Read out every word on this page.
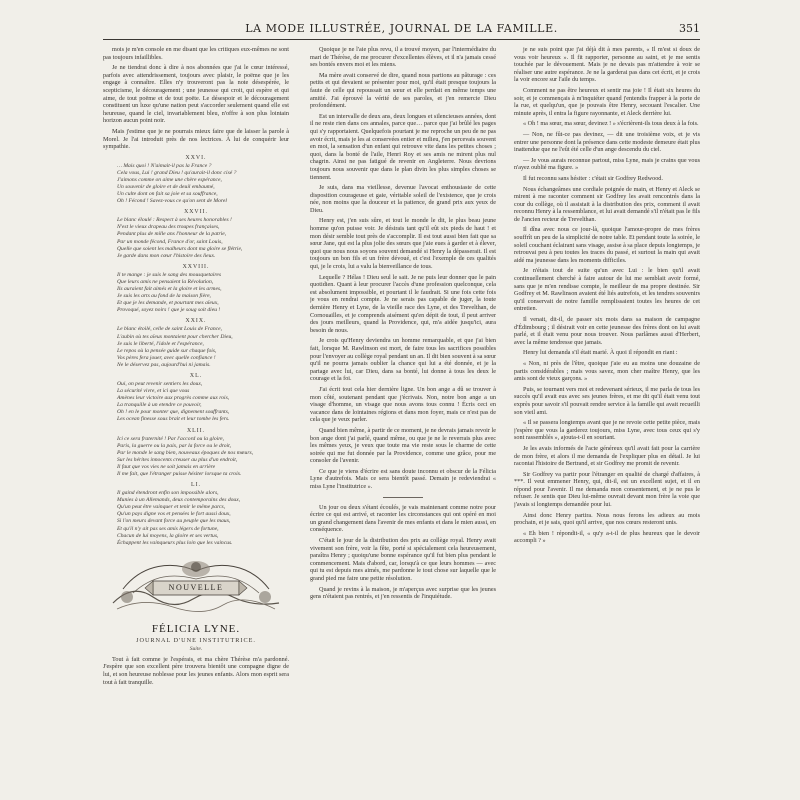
LA MODE ILLUSTRÉE, JOURNAL DE LA FAMILLE.	351

mois je m'en console en me disant que les critiques eux-mêmes ne sont pas toujours infaillibles.

Je ne tiendrai donc à dire à nos abonnées que j'ai le cœur intéressé, parfois avec attendrissement, toujours avec plaisir, le poëme que je les engage à connaître. Elles n'y trouveront pas la note désespérée, le scepticisme, le découragement ; une jeunesse qui croit, qui espère et qui aime, de tout poëme et de tout poëte. Le désespoir et le découragement constituent un luxe qu'une nation peut s'accorder seulement quand elle est heureuse, quand le ciel, invariablement bleu, n'offre à son plus lointain horizon aucun point noir.

Mais j'estime que je ne pourrais mieux faire que de laisser la parole à Morel. Je l'ai introduit près de nos lectrices. À lui de conquérir leur sympathie.

XXVI.
… Mais quoi ! N'aimait-il pas la France ?
Cela vous, Lui ! grand Dieu ! qu'aurait-il donc cisé ?
J'aimons comme on aime une chère espérance,
Un souvenir de gloire et de deuil embaumé,
Un culte dont on fait sa joie et sa souffrance,
Oh ! Fécond ! Savez-vous ce qu'on sent de Morel
XXVII.
Le blanc éloulé : Respect à ses heures honorables !
N'est le vieux drapeau des troupes françaises,
Pendant plus de mille ans l'honneur de la patrie,
Par un monde fécond, France d'or, saint Louis,
Quelle que soient les malheurs dont ma gloire se flétrie,
Je garde dans mon cœur l'histoire des lieux.
XXVIII.
Il te mange : je suis le sang des mousquetaires
Que leurs amis ne pensaient la Révolution,
Ils auraient fait aimés et la gloire et les armes,
Je suis les arts au fond de la maison fière,
Et que je les demande, et pourtant mes aïeux,
Provoqué, soyez noirs ! que je soug soit dieu !
XXIX.
Le blanc étoilé, celle de saint Louis de France,
L'aubin où tes aïeux montaient pour chercher Dieu,
Je suis le liberté, l'idole et l'espérance,
Le repos où la pensée guide sur chaque fois,
Vos pères fera jouer, avec quelle confiance !
Ne le déservez pas, aujourd'hui ni jamais.
XL.
Oui, on peut revenir sentiers les doux,
La sécurité vivre, et ici que vous
Amènes leur victoire aux progrès comme aux rois,
La tranquille à un etendre ce pouvoir,
Oh ! en le pour monter que, dignement souffrants,
Les ocean finesse sous brait et leur tombe les fers.
XLII.
Ici ce sera fraternité ! Par l'accord ou la gloire,
Paris, la guerre ou la paix, par la force ou le droit,
Par le monde le sang bien, nouveaux époques de nos mœurs,
Sur les hérites innocents creuser au plus d'un endroit,
Il faut que vos vies ne soit jamais en arrière
Il me fait, que l'étranger puisse hésiter lorsque ta croix.
LI.
Il gaind étendront enfin son impossible alors,
Munies à un Allemands, deux contemporains des doux,
Qu'un peut être vainquer et tenir le même parcs,
Qu'un pays digne vos et pensées le fort aussi doux,
Si l'on meurs devant force au peuple que les maux,
Et qu'il n'y ait pas ses amis légers de fortune,
Chacun de lui moyens, la gloire et ses vertus,
Échappent les vainqueurs plus loin que les vaincus.
NOUVELLE
FÉLICIA LYNE.
JOURNAL D'UNE INSTITUTRICE.
Suite.

Tout à fait comme je l'espérais, et ma chère Thérèse m'a pardonné. J'espère que son excellent père trouvera bientôt une compagne digne de lui, et son heureuse noblesse pour les jeunes enfants. Alors mon esprit sera tout à fait tranquille.

Quoique je ne l'aie plus revu, il a trouvé moyen, par l'intermédiaire du mari de Thérèse, de me procurer d'excellentes élèves, et il n'a jamais cessé ses bontés envers moi et les miens.

Ma mère avait conservé de dire, quand nous partions au pâturage : ces petits et qui devaient se présenter pour moi, qu'il était presque toujours la faute de celle qui repoussait un sœur et elle perdait en même temps une amitié. J'ai éprouvé la vérité de ses paroles, et j'en remercie Dieu profondément.

Est un intervalle de deux ans, deux longues et silencieuses années, dont il ne reste rien dans ces annales, parce que… parce que j'ai brûlé les pages qui s'y rapportaient. Quelquefois pourtant je me reproche un peu de ne pas avoir écrit, mais je les ai conservées entier et milieu, j'en percevais souvent en moi, la sensation d'un enfant qui retrouve vite dans les petites choses ; quoi, dans la bonté de l'aile, Henri Roy et ses amis ne mirent plus nul chagrin. Ainsi ne pas fatigué de revenir en Angleterre. Nous devrions toujours nous souvenir que dans le plan divin les plus simples choses se tiennent.

Je suis, dans ma vieillesse, devenue l'avocat enthousiaste de cette disposition courageuse et gaie, véritable soleil de l'existence, que je crois née, non moins que la douceur et la patience, de grand prix aux yeux de Dieu.

Henry est, j'en suis sûre, et tout le monde le dit, le plus beau jeune homme qu'on puisse voir. Je désirais tant qu'il eût six pieds de haut ! et mon désir semble tout près de s'accomplir. Il est tout aussi bien fait que sa sœur Jane, qui est la plus jolie des sœurs que j'aie eues à garder et à élever, quoi que nous nous soyons souvent demandé si Henry la dépasserait. Il est toujours un bon fils et un frère dévoué, et c'est l'exemple de ces qualités qui, je le crois, lui a valu la bienveillance de tous.

Lequelle ? Hélas ! Dieu seul le sait. Je ne puis leur donner que le pain quotidien. Quant à leur procurer l'accès d'une profession quelconque, cela est absolument impossible, et pourtant il le faudrait. Si une fois cette fois je vous en rendrai compte. Je ne serais pas capable de juger, la toute dernière Henry et Lyne, de la vieille race des Lyne, et des Trevelthan, de Cornouailles, et je comprends aisément qu'en dépit de tout, il peut arriver des jours meilleurs, quand la Providence, qui, m'a aidée jusqu'ici, aura besoin de nous.

Je crois qu'Henry deviendra un homme remarquable, et que j'ai bien fait, lorsque M. Rawlinson est mort, de faire tous les sacrifices possibles pour l'envoyer au collège royal pendant un an. Il dit bien souvent à sa sœur qu'il ne pourra jamais oublier la chance qui lui a été donnée, et je la partage avec lui, car Dieu, dans sa bonté, lui donne à tous les deux le courage et la foi.

J'ai écrit tout cela hier dernière ligne. Un bon ange a dû se trouver à mon côté, soutenant pendant que j'écrivais. Non, notre bon ange a un visage d'homme, un visage que nous avons tous connu ! Écris ceci en vacance dans de lointaines régions et dans mon foyer, mais ce n'est pas de cela que je veux parler.

Quand bien même, à partir de ce moment, je ne devrais jamais revoir le bon ange dont j'ai parlé, quand même, ou que je ne le reverrais plus avec les mêmes yeux, je veux que toute ma vie reste sous le charme de cette soirée qui me fut donnée par la Providence, comme une grâce, pour me consoler de l'avenir.

Ce que je viens d'écrire est sans doute inconnu et obscur de la Félicia Lyne d'autrefois. Mais ce sera bientôt passé. Demain je redeviendrai « miss Lyne l'institutrice ».

Un jour ou deux s'étant écoulés, je vais maintenant comme notre pour écrire ce qui est arrivé, et raconter les circonstances qui ont opéré en moi un grand changement dans l'avenir de mes enfants et dans le mien aussi, en conséquence.

C'était le jour de la distribution des prix au collège royal. Henry avait vivement son frère, voir la fête, porté si spécialement cela heureusement, paraîtra Henry ; quoiqu'une bonne espérance qu'il fut bien plus pendant le commencement. Mais d'abord, car, lorsqu'à ce que leurs hommes — avec qui tu est depuis mes aimés, me pardonne le tout chose sur laquelle que le grand pied me faire une petite résolution.

Quand je revins à la maison, je m'aperçus avec surprise que les jeunes gens n'étaient pas rentrés, et j'en ressentis de l'inquiétude.

je ne suis point que j'ai déjà dit à mes parents, « Il m'est si doux de vous voir heureux ». Il fit rapporter, personne au saint, et je me sentis touchée par le dévouement. Mais je ne devais pas m'attendre à voir se réaliser une autre espérance. Je ne la garderai pas dans cet écrit, et je crois la voir encore sur l'aile du temps.

Comment ne pas être heureux et sentir ma joie ! Il était six heures du soir, et je commençais à m'inquiéter quand j'entendis frapper à la porte de la rue, et quelqu'un, que je pouvais être Henry, secouant l'escalier. Une minute après, il entra la figure rayonnante, et Aleck derrière lui.

« Oh ! ma sœur, ma sœur, devinez ! » s'écrièrent-ils tous deux à la fois.

— Non, ne fût-ce pas devinez, — dit une troisième voix, et je vis entrer une personne dont la présence dans cette modeste demeure était plus inattendue que ne l'eût été celle d'un ange descendu du ciel.

— Je vous aurais reconnue partout, miss Lyne, mais je crains que vous n'ayez oublié ma figure. »

Il fut reconnu sans hésiter : c'était sir Godfrey Redwood.

Nous échangeâmes une cordiale poignée de main, et Henry et Aleck se mirent à me raconter comment sir Godfrey les avait rencontrés dans la cour du collège, où il assistait à la distribution des prix, comment il avait reconnu Henry à la ressemblance, et lui avait demandé s'il n'était pas le fils de l'ancien recteur de Trevelthan.

Il dîna avec nous ce jour-là, quoique l'amour-propre de mes frères souffrît un peu de la simplicité de notre table. Et pendant toute la soirée, le soleil couchant éclairant sans visage, assise à sa place depuis longtemps, je retrouvai peu à peu toutes les traces du passé, et surtout la main qui avait aidé ma jeunesse dans les moments difficiles.

Je n'étais tout de suite qu'un avec Lui : le bien qu'il avait continuellement cherché à faire autour de lui me semblait avoir formé, sans que je m'en rendisse compte, le meilleur de ma propre destinée. Sir Godfrey et M. Rawlinson avaient été liés autrefois, et les tendres souvenirs qu'il conservait de notre famille remplissaient toutes les heures de cet entretien.

Il venait, dit-il, de passer six mois dans sa maison de campagne d'Édimbourg ; il désirait voir en cette jeunesse des frères dont on lui avait parlé, et il était venu pour nous trouver. Nous parlâmes aussi d'Herbert, avec la même tendresse que jamais.

Henry lui demanda s'il était marié. À quoi il répondit en riant :

« Non, ni près de l'être, quoique j'aie eu au moins une douzaine de partis considérables ; mais vous savez, mon cher maître Henry, que les amis sont de vieux garçons. »

Puis, se tournant vers moi et redevenant sérieux, il me parla de tous les succès qu'il avait eus avec ses jeunes frères, et me dit qu'il était venu tout exprès pour savoir s'il pouvait rendre service à la famille qui avait recueilli son vieil ami.

« Il se passera longtemps avant que je ne revoie cette petite pièce, mais j'espère que vous la garderez toujours, miss Lyne, avec tous ceux qui s'y sont rassemblés », ajouta-t-il en souriant.

Je les avais informés de l'acte généreux qu'il avait fait pour la carrière de mon frère, et alors il me demanda de l'expliquer plus en détail. Je lui racontai l'histoire de Bertrand, et sir Godfrey me promit de revenir.

Sir Godfrey va partir pour l'étranger en qualité de chargé d'affaires, à ***. Il veut emmener Henry, qui, dit-il, est un excellent sujet, et il en répond pour l'avenir. Il me demanda mon consentement, et je ne pus le refuser. Je sentis que Dieu lui-même ouvrait devant mon frère la voie que j'avais si longtemps demandée pour lui.

Ainsi donc Henry partira. Nous nous ferons les adieux au mois prochain, et je sais, quoi qu'il arrive, que nos cœurs resteront unis.

« Eh bien ! répondit-il, « qu'y a-t-il de plus heureux que le devoir accompli ? »
